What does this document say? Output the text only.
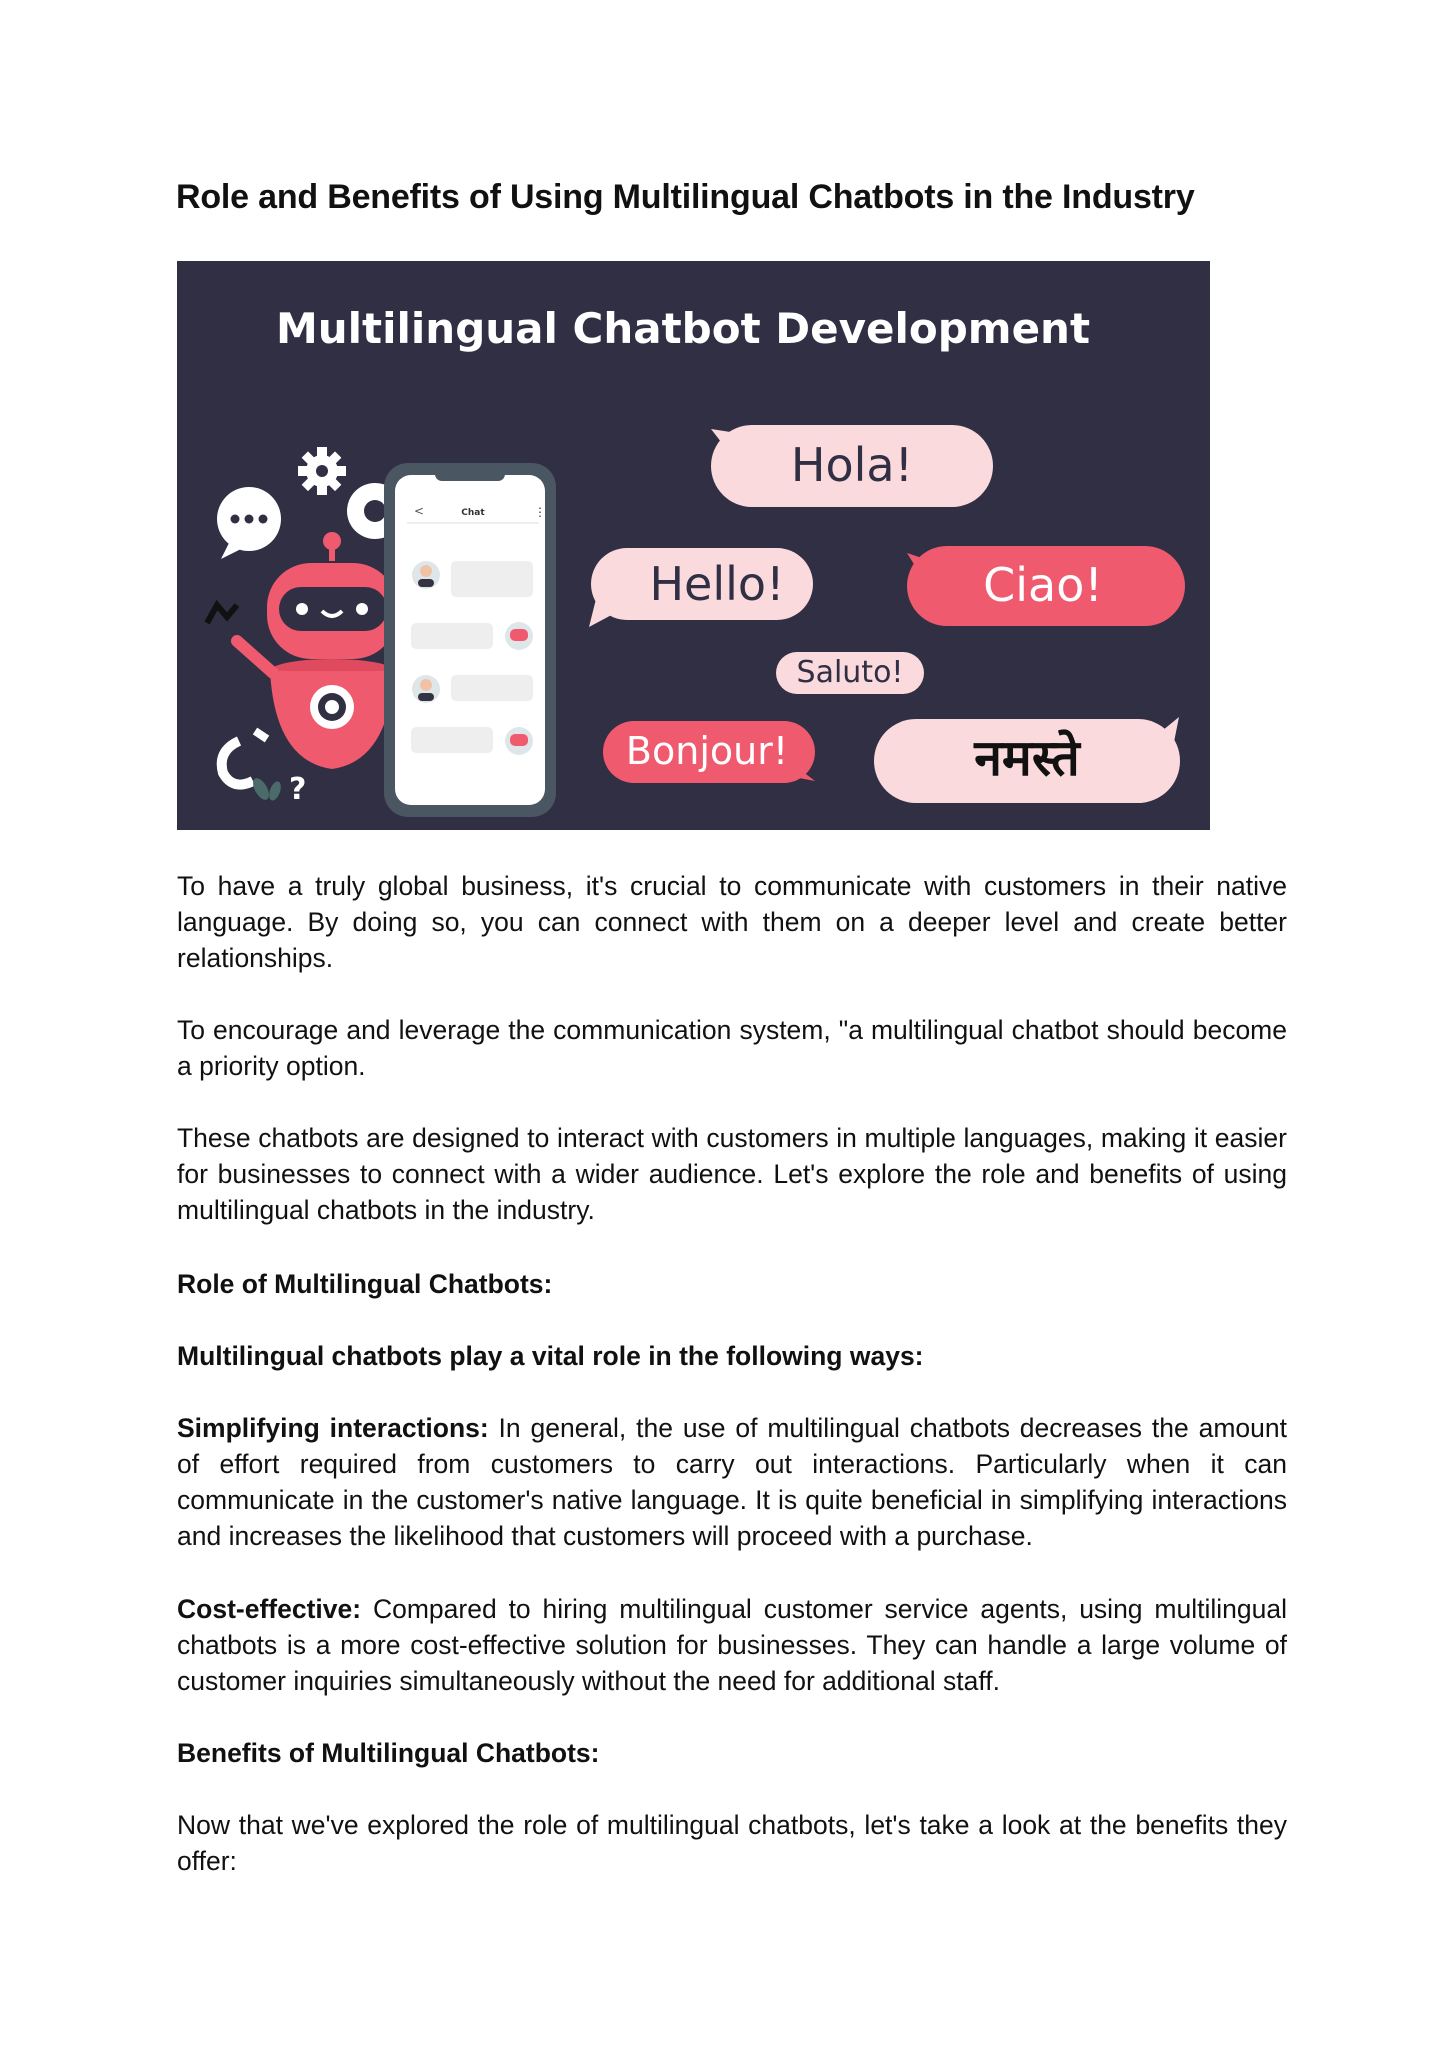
Role and Benefits of Using Multilingual Chatbots in the Industry
Multilingual Chatbot Development
?
<	Chat	⋮
Hola!
Hello!	Ciao!
Saluto!
Bonjour!	नमस्ते

To have a truly global business, it's crucial to communicate with customers in their native language. By doing so, you can connect with them on a deeper level and create better relationships.

To encourage and leverage the communication system, "a multilingual chatbot should become a priority option.

These chatbots are designed to interact with customers in multiple languages, making it easier for businesses to connect with a wider audience. Let's explore the role and benefits of using multilingual chatbots in the industry.

Role of Multilingual Chatbots:

Multilingual chatbots play a vital role in the following ways:

Simplifying interactions: In general, the use of multilingual chatbots decreases the amount of effort required from customers to carry out interactions. Particularly when it can communicate in the customer's native language. It is quite beneficial in simplifying interactions and increases the likelihood that customers will proceed with a purchase.

Cost-effective: Compared to hiring multilingual customer service agents, using multilingual chatbots is a more cost-effective solution for businesses. They can handle a large volume of customer inquiries simultaneously without the need for additional staff.

Benefits of Multilingual Chatbots:

Now that we've explored the role of multilingual chatbots, let's take a look at the benefits they offer:
